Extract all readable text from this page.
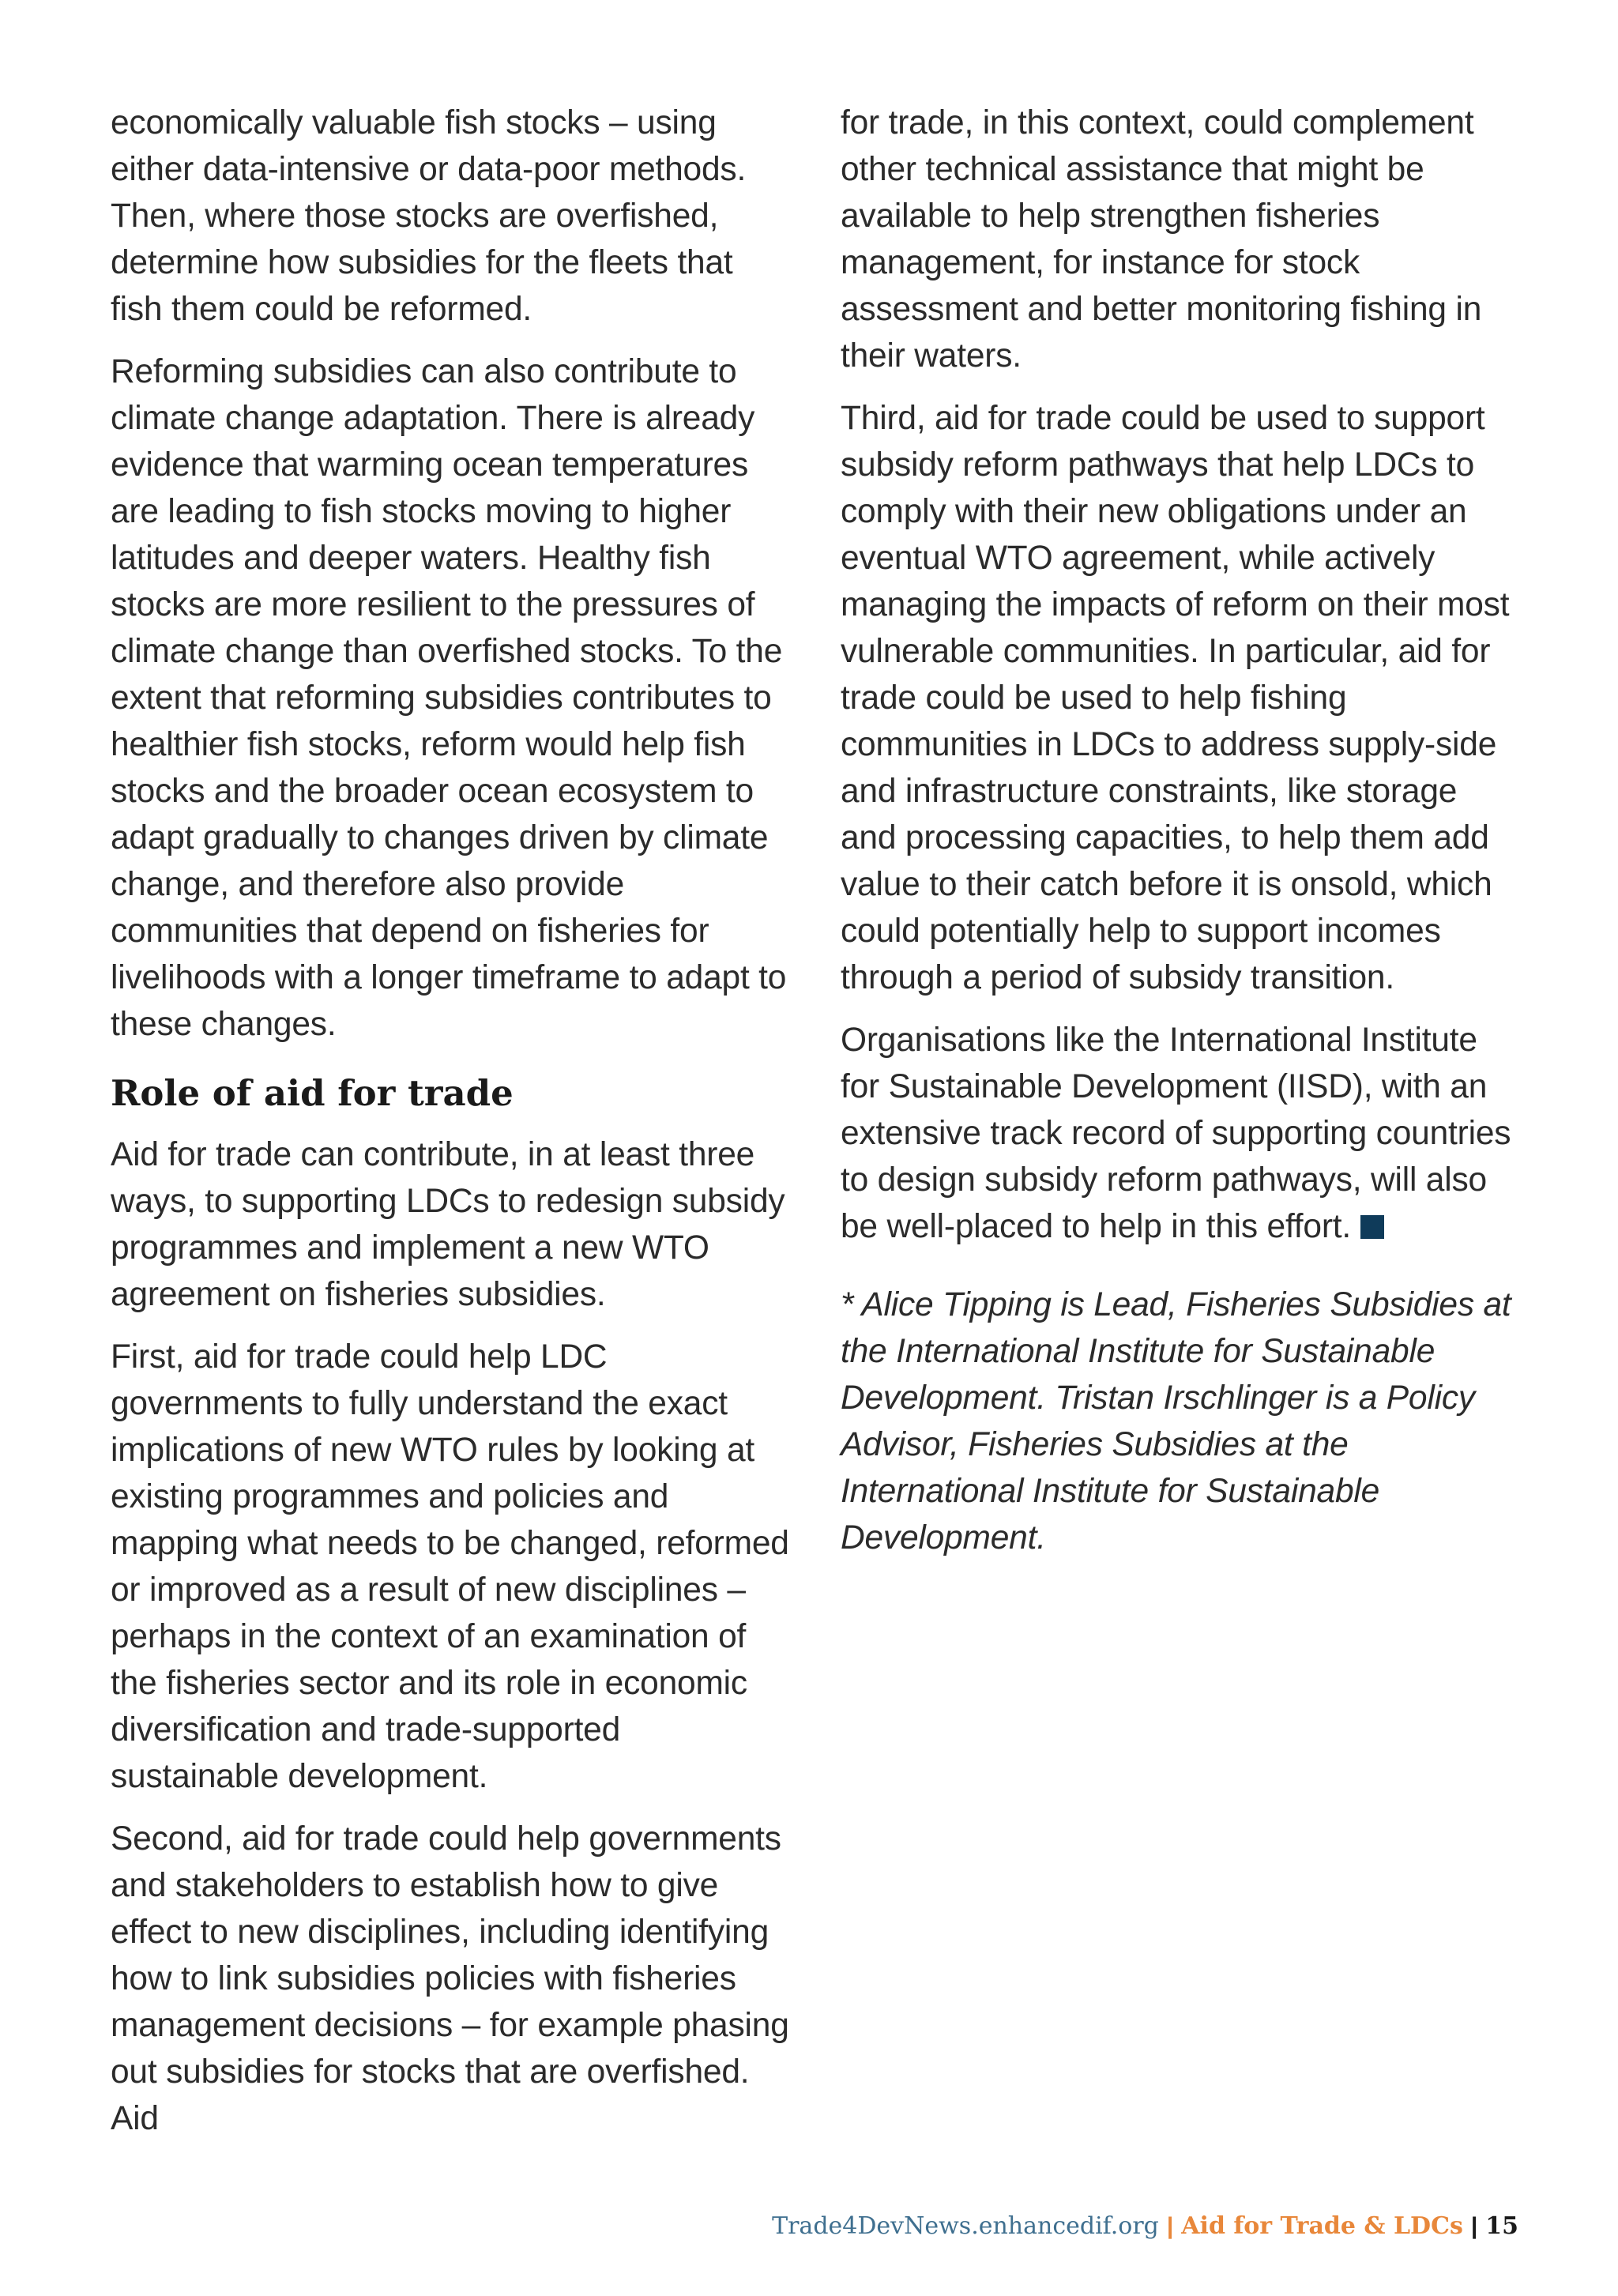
economically valuable fish stocks – using either data-intensive or data-poor methods. Then, where those stocks are overfished, determine how subsidies for the fleets that fish them could be reformed.

Reforming subsidies can also contribute to climate change adaptation. There is already evidence that warming ocean temperatures are leading to fish stocks moving to higher latitudes and deeper waters. Healthy fish stocks are more resilient to the pressures of climate change than overfished stocks. To the extent that reforming subsidies contributes to healthier fish stocks, reform would help fish stocks and the broader ocean ecosystem to adapt gradually to changes driven by climate change, and therefore also provide communities that depend on fisheries for livelihoods with a longer timeframe to adapt to these changes.

Role of aid for trade

Aid for trade can contribute, in at least three ways, to supporting LDCs to redesign subsidy programmes and implement a new WTO agreement on fisheries subsidies.

First, aid for trade could help LDC governments to fully understand the exact implications of new WTO rules by looking at existing programmes and policies and mapping what needs to be changed, reformed or improved as a result of new disciplines – perhaps in the context of an examination of the fisheries sector and its role in economic diversification and trade-supported sustainable development.

Second, aid for trade could help governments and stakeholders to establish how to give effect to new disciplines, including identifying how to link subsidies policies with fisheries management decisions – for example phasing out subsidies for stocks that are overfished. Aid

for trade, in this context, could complement other technical assistance that might be available to help strengthen fisheries management, for instance for stock assessment and better monitoring fishing in their waters.

Third, aid for trade could be used to support subsidy reform pathways that help LDCs to comply with their new obligations under an eventual WTO agreement, while actively managing the impacts of reform on their most vulnerable communities. In particular, aid for trade could be used to help fishing communities in LDCs to address supply-side and infrastructure constraints, like storage and processing capacities, to help them add value to their catch before it is onsold, which could potentially help to support incomes through a period of subsidy transition.

Organisations like the International Institute for Sustainable Development (IISD), with an extensive track record of supporting countries to design subsidy reform pathways, will also be well-placed to help in this effort.

* Alice Tipping is Lead, Fisheries Subsidies at the International Institute for Sustainable Development. Tristan Irschlinger is a Policy Advisor, Fisheries Subsidies at the International Institute for Sustainable Development.

Trade4DevNews.enhancedif.org | Aid for Trade & LDCs | 15
